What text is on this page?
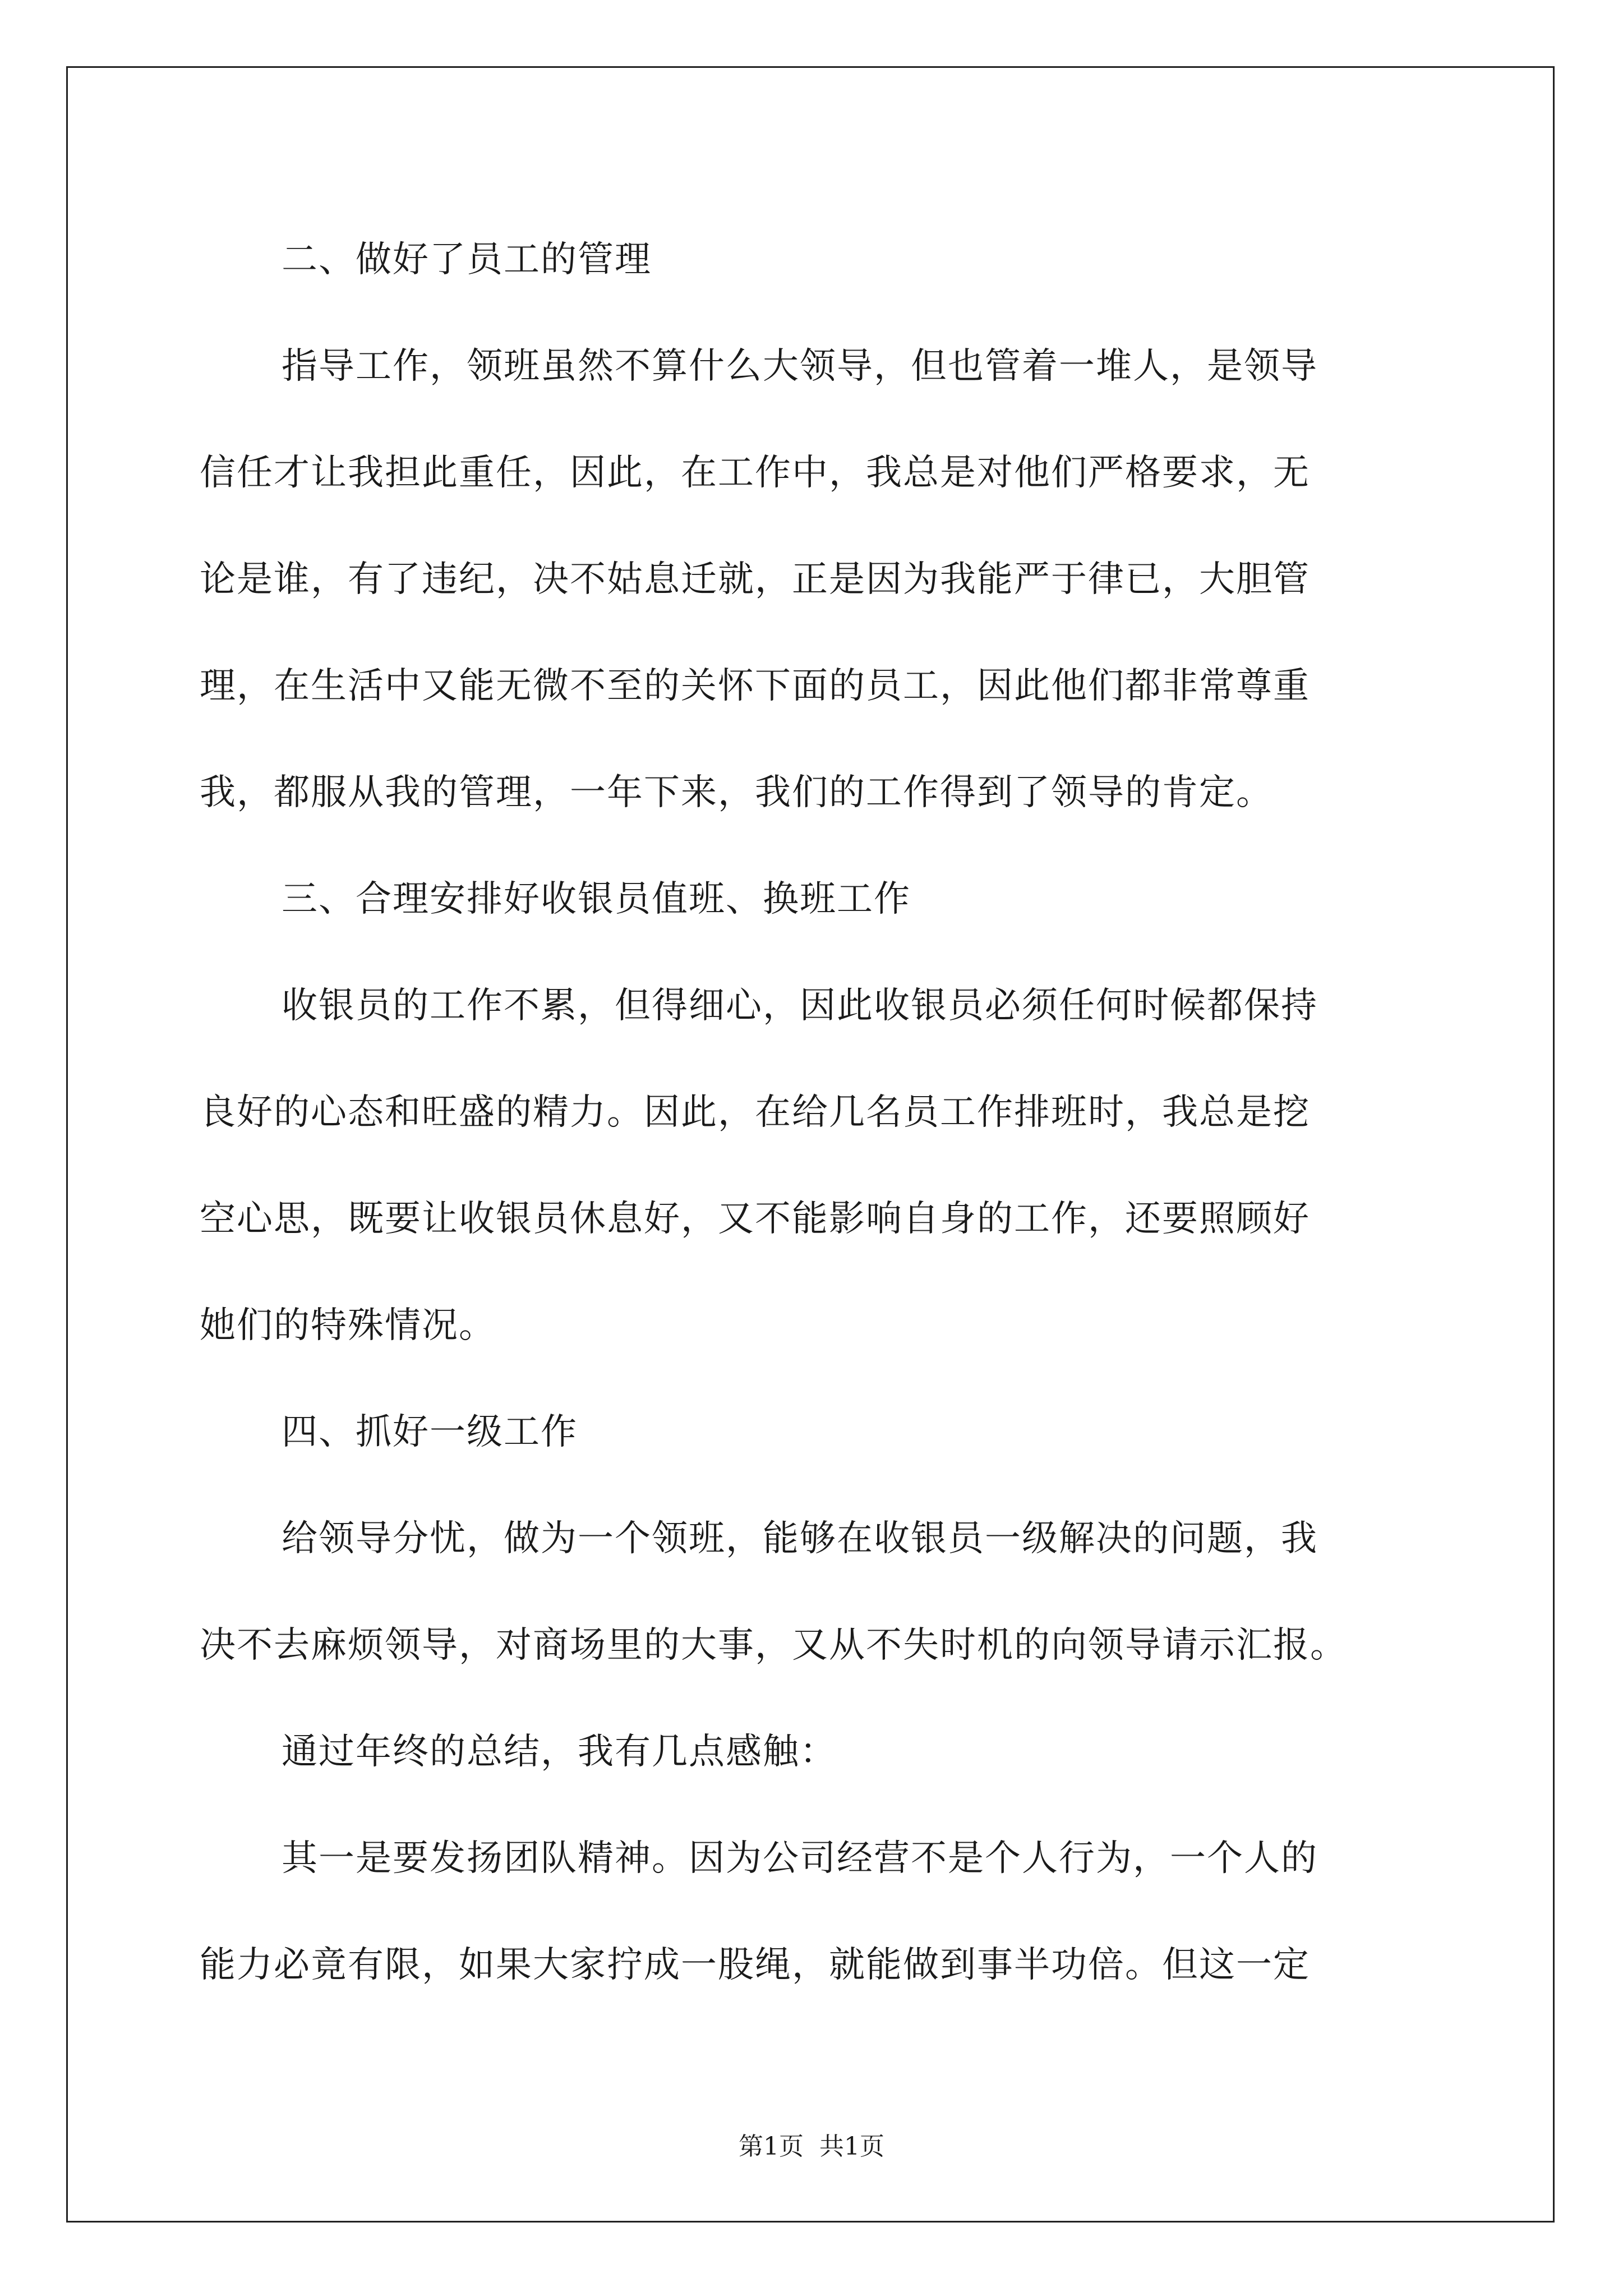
二、做好了员工的管理
指导工作，领班虽然不算什么大领导，但也管着一堆人，是领导
信任才让我担此重任，因此，在工作中，我总是对他们严格要求，无
论是谁，有了违纪，决不姑息迁就，正是因为我能严于律已，大胆管
理，在生活中又能无微不至的关怀下面的员工，因此他们都非常尊重
我，都服从我的管理，一年下来，我们的工作得到了领导的肯定。
三、合理安排好收银员值班、换班工作
收银员的工作不累，但得细心，因此收银员必须任何时候都保持
良好的心态和旺盛的精力。因此，在给几名员工作排班时，我总是挖
空心思，既要让收银员休息好，又不能影响自身的工作，还要照顾好
她们的特殊情况。
四、抓好一级工作
给领导分忧，做为一个领班，能够在收银员一级解决的问题，我
决不去麻烦领导，对商场里的大事，又从不失时机的向领导请示汇报。
通过年终的总结，我有几点感触：
其一是要发扬团队精神。因为公司经营不是个人行为，一个人的
能力必竟有限，如果大家拧成一股绳，就能做到事半功倍。但这一定
第1页 共1页
